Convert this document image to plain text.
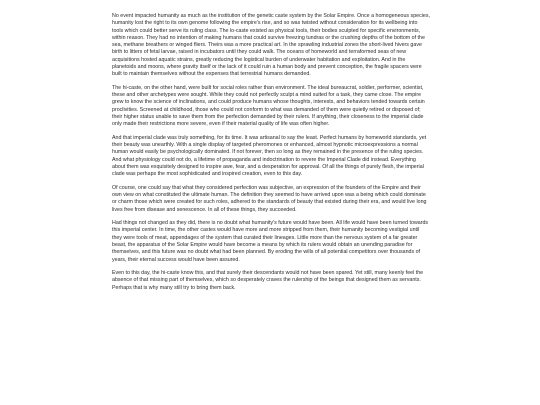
No event impacted humanity as much as the institution of the genetic caste system by the Solar Empire. Once a homogeneous species, humanity lost the right to its own genome following the empire's rise, and so was twisted without consideration for its wellbeing into tools which could better serve its ruling class. The lo-caste existed as physical tools, their bodies sculpted for specific environments, within reason. They had no intention of making humans that could survive freezing tundras or the crushing depths of the bottom of the sea, methane breathers or winged fliers. Theirs was a more practical art. In the sprawling industrial zones the short-lived hivers gave birth to litters of fetal larvae, raised in incubators until they could walk. The oceans of homeworld and terraformed seas of new acquisitions hosted aquatic strains, greatly reducing the logistical burden of underwater habitation and exploitation. And in the planetoids and moons, where gravity itself or the lack of it could ruin a human body and prevent conception, the fragile spacers were built to maintain themselves without the expenses that terrestrial humans demanded.

The hi-caste, on the other hand, were built for social roles rather than environment. The ideal bureaucrat, soldier, performer, scientist, these and other archetypes were sought. While they could not perfectly sculpt a mind suited for a task, they came close. The empire grew to know the science of inclinations, and could produce humans whose thoughts, interests, and behaviors tended towards certain proclivities. Screened at childhood, those who could not conform to what was demanded of them were quietly retired or disposed of; their higher status unable to save them from the perfection demanded by their rulers. If anything, their closeness to the imperial clade only made their restrictions more severe, even if their material quality of life was often higher.

And that imperial clade was truly something, for its time. It was artisanal to say the least. Perfect humans by homeworld standards, yet their beauty was unearthly. With a single display of targeted pheromones or enhanced, almost hypnotic microexpressions a normal human would easily be psychologically dominated. If not forever, then so long as they remained in the presence of the ruling species. And what physiology could not do, a lifetime of propaganda and indoctrination to revere the Imperial Clade did instead. Everything about them was exquisitely designed to inspire awe, fear, and a desperation for approval. Of all the things of purely flesh, the imperial clade was perhaps the most sophisticated and inspired creation, even to this day.

Of course, one could say that what they considered perfection was subjective, an expression of the founders of the Empire and their own view on what constituted the ultimate human. The definition they seemed to have arrived upon was a being which could dominate or charm those which were created for such roles, adhered to the standards of beauty that existed during their era, and would live long lives free from disease and senescence. In all of these things, they succeeded.

Had things not changed as they did, there is no doubt what humanity's future would have been. All life would have been turned towards this imperial center. In time, the other castes would have more and more stripped from them, their humanity becoming vestigial until they were tools of meat, appendages of the system that curated their lineages. Little more than the nervous system of a far greater beast, the apparatus of the Solar Empire would have become a means by which its rulers would obtain an unending paradise for themselves, and this future was no doubt what had been planned. By eroding the wills of all potential competitors over thousands of years, their eternal success would have been assured.

Even to this day, the hi-caste know this, and that surely their descendants would not have been spared. Yet still, many keenly feel the absence of that missing part of themselves, which so desperately craves the rulership of the beings that designed them as servants. Perhaps that is why many still try to bring them back.
